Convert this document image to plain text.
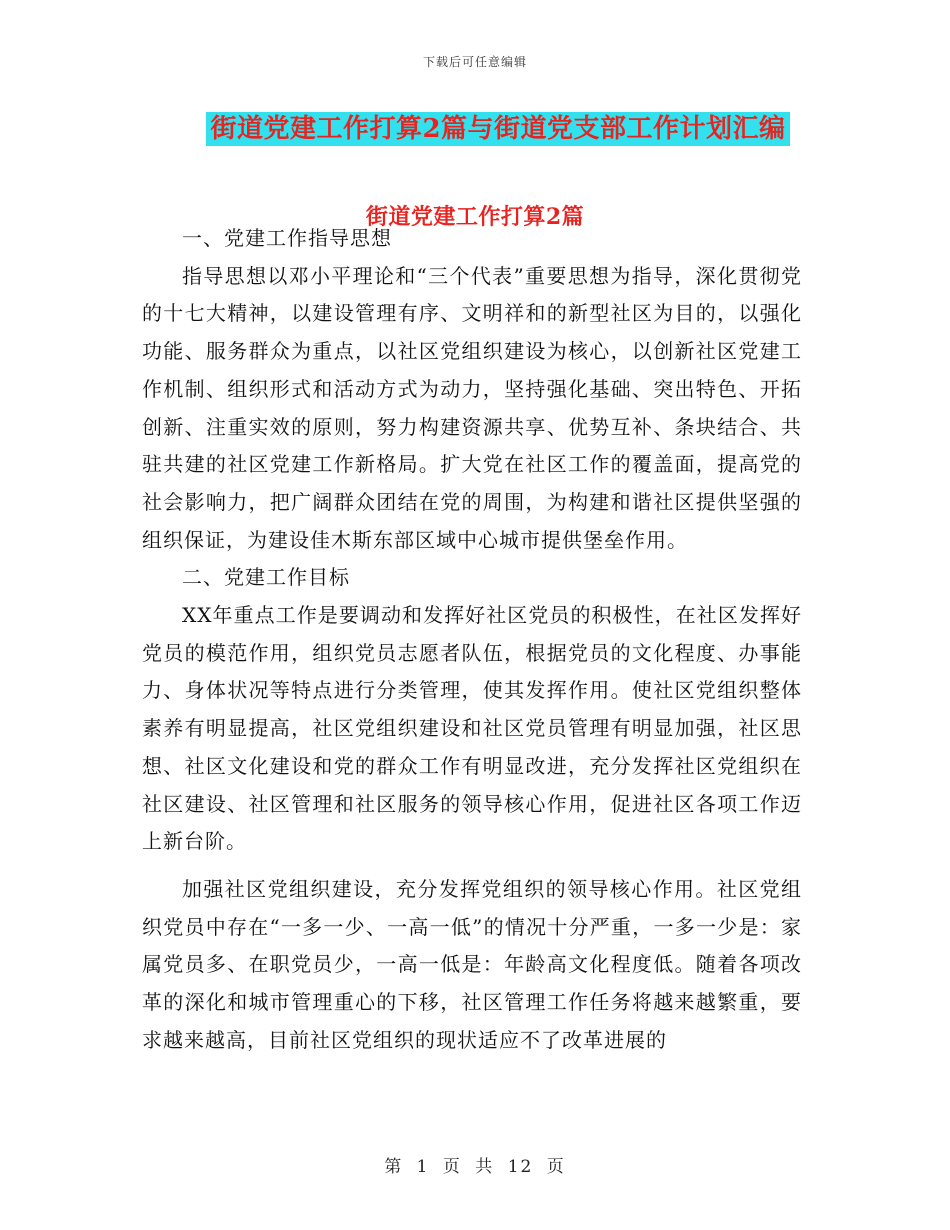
下载后可任意编辑
街道党建工作打算2篇与街道党支部工作计划汇编
街道党建工作打算2篇

一、党建工作指导思想

指导思想以邓小平理论和“三个代表”重要思想为指导，深化贯彻党的十七大精神，以建设管理有序、文明祥和的新型社区为目的，以强化功能、服务群众为重点，以社区党组织建设为核心，以创新社区党建工作机制、组织形式和活动方式为动力，坚持强化基础、突出特色、开拓创新、注重实效的原则，努力构建资源共享、优势互补、条块结合、共驻共建的社区党建工作新格局。扩大党在社区工作的覆盖面，提高党的社会影响力，把广阔群众团结在党的周围，为构建和谐社区提供坚强的组织保证，为建设佳木斯东部区域中心城市提供堡垒作用。

二、党建工作目标

XX年重点工作是要调动和发挥好社区党员的积极性，在社区发挥好党员的模范作用，组织党员志愿者队伍，根据党员的文化程度、办事能力、身体状况等特点进行分类管理，使其发挥作用。使社区党组织整体素养有明显提高，社区党组织建设和社区党员管理有明显加强，社区思想、社区文化建设和党的群众工作有明显改进，充分发挥社区党组织在社区建设、社区管理和社区服务的领导核心作用，促进社区各项工作迈上新台阶。

加强社区党组织建设，充分发挥党组织的领导核心作用。社区党组织党员中存在“一多一少、一高一低”的情况十分严重，一多一少是：家属党员多、在职党员少，一高一低是：年龄高文化程度低。随着各项改革的深化和城市管理重心的下移，社区管理工作任务将越来越繁重，要求越来越高，目前社区党组织的现状适应不了改革进展的

第 1 页 共 12 页
